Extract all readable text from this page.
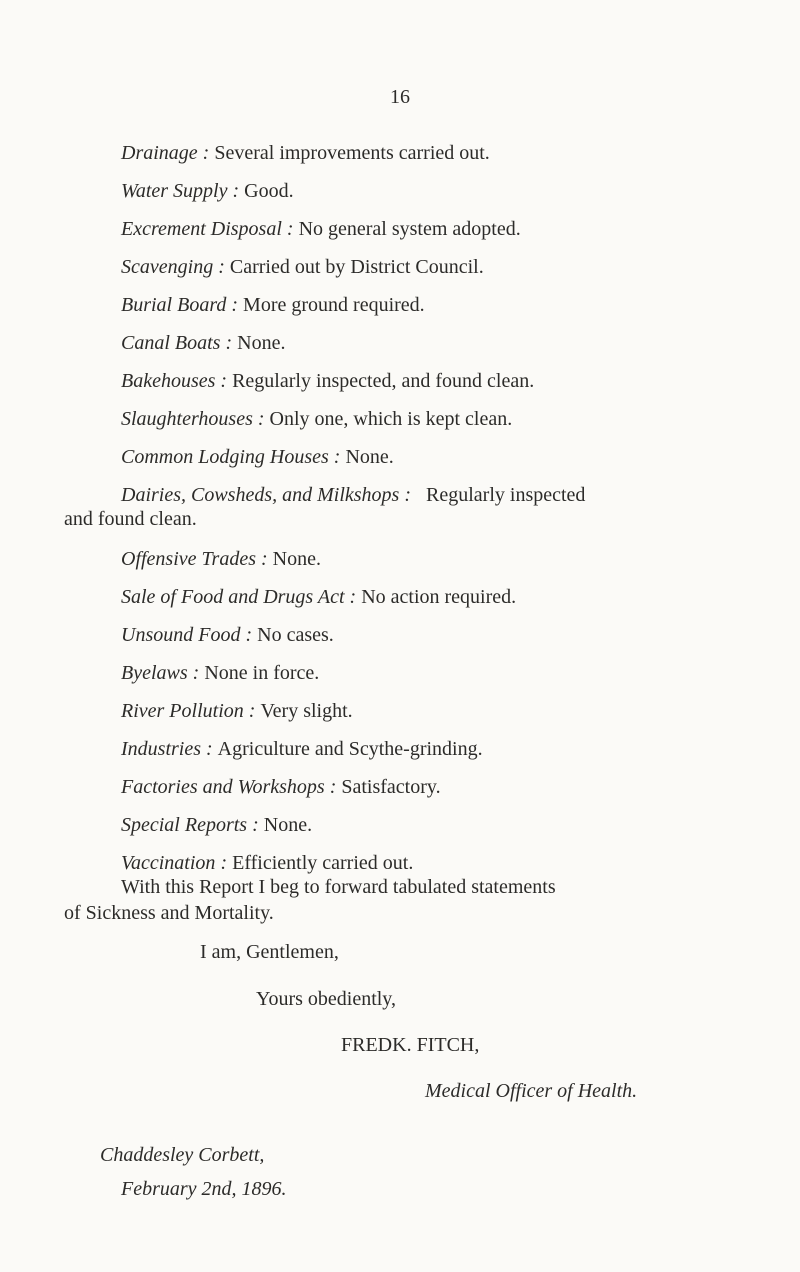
16
Drainage : Several improvements carried out.
Water Supply : Good.
Excrement Disposal : No general system adopted.
Scavenging : Carried out by District Council.
Burial Board : More ground required.
Canal Boats : None.
Bakehouses : Regularly inspected, and found clean.
Slaughterhouses : Only one, which is kept clean.
Common Lodging Houses : None.
Dairies, Cowsheds, and Milkshops :   Regularly inspected
and found clean.
Offensive Trades : None.
Sale of Food and Drugs Act : No action required.
Unsound Food : No cases.
Byelaws : None in force.
River Pollution : Very slight.
Industries : Agriculture and Scythe-grinding.
Factories and Workshops : Satisfactory.
Special Reports : None.
Vaccination : Efficiently carried out.
With this Report I beg to forward tabulated statements
of Sickness and Mortality.
I am, Gentlemen,
Yours obediently,
FREDK. FITCH,
Medical Officer of Health.
Chaddesley Corbett,
February 2nd, 1896.
